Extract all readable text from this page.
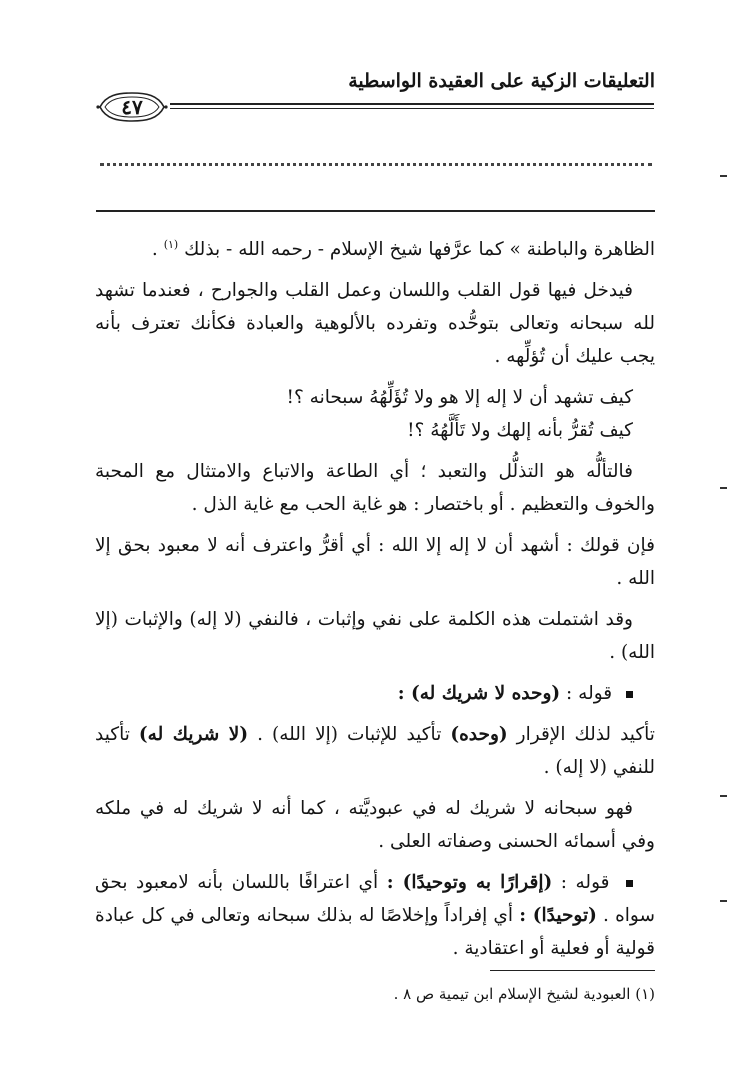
التعليقات الزكية على العقيدة الواسطية
٤٧

الظاهرة والباطنة » كما عرَّفها شيخ الإسلام - رحمه الله - بذلك $^{(١)}$ .

فيدخل فيها قول القلب واللسان وعمل القلب والجوارح ، فعندما تشهد لله سبحانه وتعالى بتوحُّده وتفرده بالألوهية والعبادة فكأنك تعترف بأنه يجب عليك أن تُؤلِّهه .

كيف تشهد أن لا إله إلا هو ولا تُؤَلِّهُهُ سبحانه ؟!

كيف تُقرُّ بأنه إلهك ولا تَأَلَّهُهُ ؟!

فالتألُّه هو التذلُّل والتعبد ؛ أي الطاعة والاتباع والامتثال مع المحبة والخوف والتعظيم . أو باختصار : هو غاية الحب مع غاية الذل .

فإن قولك : أشهد أن لا إله إلا الله : أي أقرُّ واعترف أنه لا معبود بحق إلا الله .

وقد اشتملت هذه الكلمة على نفي وإثبات ، فالنفي (لا إله) والإثبات (إلا الله) .

قوله : (وحده لا شريك له) :

تأكيد لذلك الإقرار (وحده) تأكيد للإثبات (إلا الله) . (لا شريك له) تأكيد للنفي (لا إله) .

فهو سبحانه لا شريك له في عبوديَّته ، كما أنه لا شريك له في ملكه وفي أسمائه الحسنى وصفاته العلى .

قوله : (إقرارًا به وتوحيدًا) : أي اعترافًا باللسان بأنه لامعبود بحق سواه . (توحيدًا) : أي إفراداً وإخلاصًا له بذلك سبحانه وتعالى في كل عبادة قولية أو فعلية أو اعتقادية .

(١) العبودية لشيخ الإسلام ابن تيمية ص ٨ .
